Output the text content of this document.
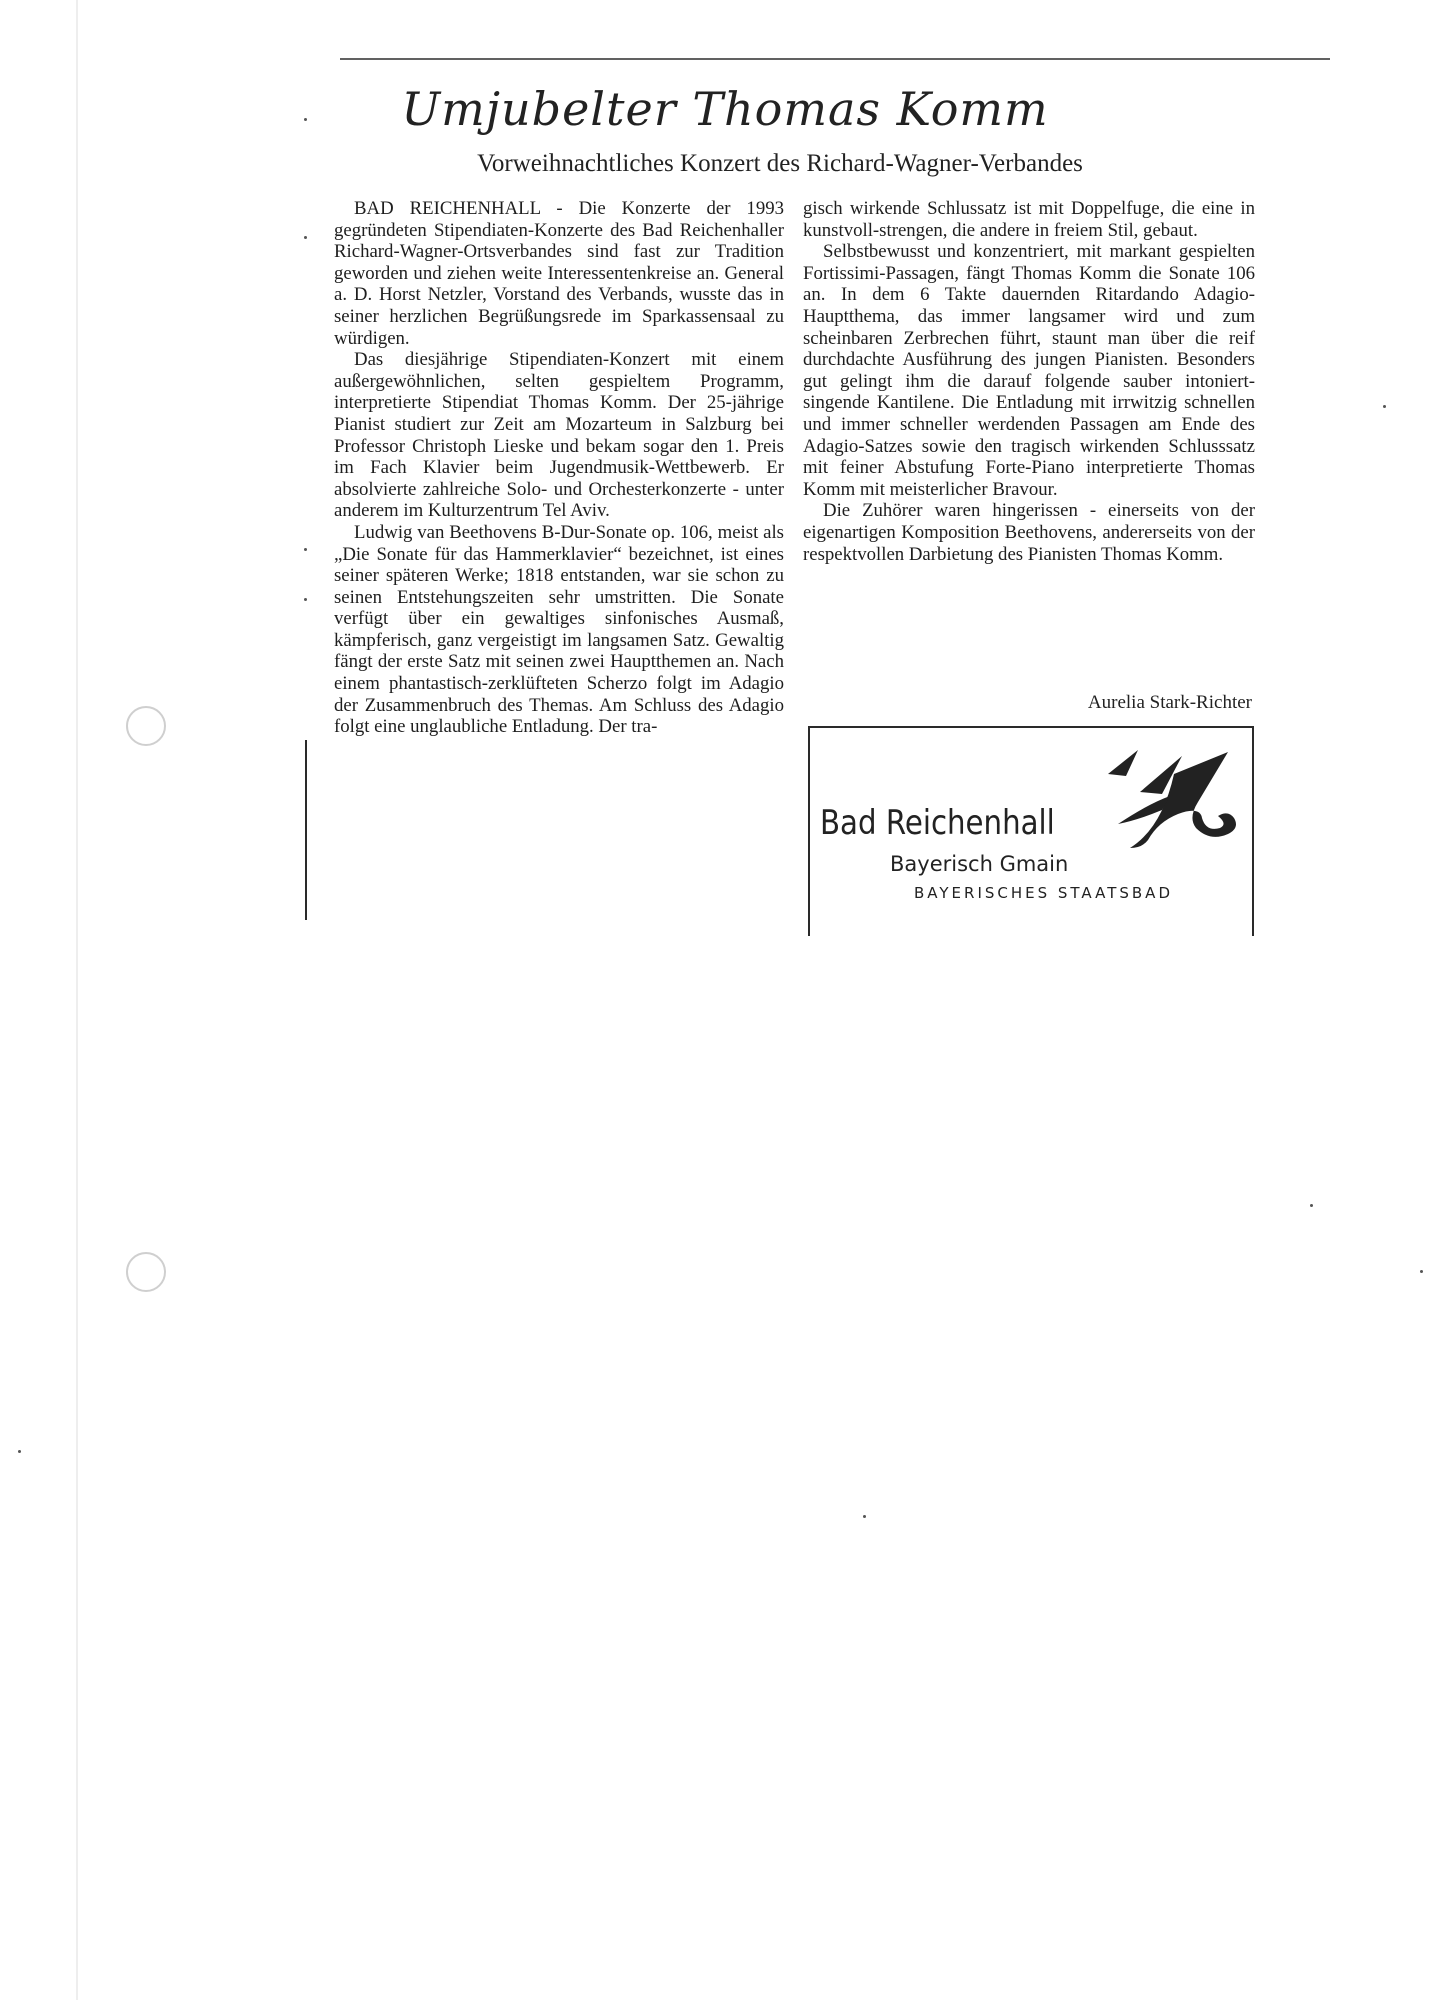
Umjubelter Thomas Komm
Vorweihnachtliches Konzert des Richard-Wagner-Verbandes

BAD REICHENHALL - Die Konzerte der 1993 gegründeten Stipendiaten-Konzerte des Bad Reichenhaller Richard-Wagner-Ortsverbandes sind fast zur Tradition geworden und ziehen weite Interessentenkreise an. General a. D. Horst Netzler, Vorstand des Verbands, wusste das in seiner herzlichen Begrüßungsrede im Sparkassensaal zu würdigen.

Das diesjährige Stipendiaten-Konzert mit einem außergewöhnlichen, selten gespieltem Programm, interpretierte Stipendiat Thomas Komm. Der 25-jährige Pianist studiert zur Zeit am Mozarteum in Salzburg bei Professor Christoph Lieske und bekam sogar den 1. Preis im Fach Klavier beim Jugendmusik-Wettbewerb. Er absolvierte zahlreiche Solo- und Orchesterkonzerte - unter anderem im Kulturzentrum Tel Aviv.

Ludwig van Beethovens B-Dur-Sonate op. 106, meist als „Die Sonate für das Hammerklavier“ bezeichnet, ist eines seiner späteren Werke; 1818 entstanden, war sie schon zu seinen Entstehungszeiten sehr umstritten. Die Sonate verfügt über ein gewaltiges sinfonisches Ausmaß, kämpferisch, ganz vergeistigt im langsamen Satz. Gewaltig fängt der erste Satz mit seinen zwei Hauptthemen an. Nach einem phantastisch-zerklüfteten Scherzo folgt im Adagio der Zusammenbruch des Themas. Am Schluss des Adagio folgt eine unglaubliche Entladung. Der tra-

gisch wirkende Schlussatz ist mit Doppelfuge, die eine in kunstvoll-strengen, die andere in freiem Stil, gebaut.

Selbstbewusst und konzentriert, mit markant gespielten Fortissimi-Passagen, fängt Thomas Komm die Sonate 106 an. In dem 6 Takte dauernden Ritardando Adagio-Hauptthema, das immer langsamer wird und zum scheinbaren Zerbrechen führt, staunt man über die reif durchdachte Ausführung des jungen Pianisten. Besonders gut gelingt ihm die darauf folgende sauber intoniert-singende Kantilene. Die Entladung mit irrwitzig schnellen und immer schneller werdenden Passagen am Ende des Adagio-Satzes sowie den tragisch wirkenden Schlusssatz mit feiner Abstufung Forte-Piano interpretierte Thomas Komm mit meisterlicher Bravour.

Die Zuhörer waren hingerissen - einerseits von der eigenartigen Komposition Beethovens, andererseits von der respektvollen Darbietung des Pianisten Thomas Komm.

Aurelia Stark-Richter
Bad Reichenhall
Bayerisch Gmain
BAYERISCHES STAATSBAD
